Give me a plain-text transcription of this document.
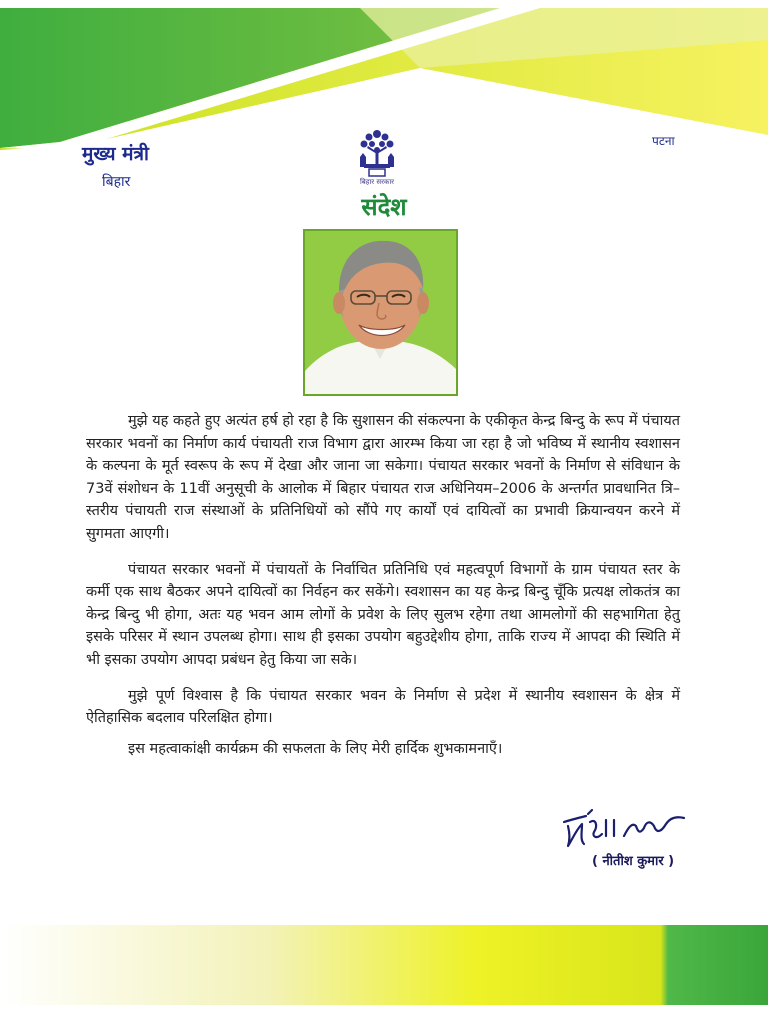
मुख्य मंत्री

बिहार

पटना
बिहार सरकार
संदेश

मुझे यह कहते हुए अत्यंत हर्ष हो रहा है कि सुशासन की संकल्पना के एकीकृत केन्द्र बिन्दु के रूप में पंचायत सरकार भवनों का निर्माण कार्य पंचायती राज विभाग द्वारा आरम्भ किया जा रहा है जो भविष्य में स्थानीय स्वशासन के कल्पना के मूर्त स्वरूप के रूप में देखा और जाना जा सकेगा। पंचायत सरकार भवनों के निर्माण से संविधान के 73वें संशोधन के 11वीं अनुसूची के आलोक में बिहार पंचायत राज अधिनियम–2006 के अन्तर्गत प्रावधानित त्रि–स्तरीय पंचायती राज संस्थाओं के प्रतिनिधियों को सौंपे गए कार्यों एवं दायित्वों का प्रभावी क्रियान्वयन करने में सुगमता आएगी।

पंचायत सरकार भवनों में पंचायतों के निर्वाचित प्रतिनिधि एवं महत्वपूर्ण विभागों के ग्राम पंचायत स्तर के कर्मी एक साथ बैठकर अपने दायित्वों का निर्वहन कर सकेंगे। स्वशासन का यह केन्द्र बिन्दु चूँकि प्रत्यक्ष लोकतंत्र का केन्द्र बिन्दु भी होगा, अतः यह भवन आम लोगों के प्रवेश के लिए सुलभ रहेगा तथा आमलोगों की सहभागिता हेतु इसके परिसर में स्थान उपलब्ध होगा। साथ ही इसका उपयोग बहुउद्देशीय होगा, ताकि राज्य में आपदा की स्थिति में भी इसका उपयोग आपदा प्रबंधन हेतु किया जा सके।

मुझे पूर्ण विश्वास है कि पंचायत सरकार भवन के निर्माण से प्रदेश में स्थानीय स्वशासन के क्षेत्र में ऐतिहासिक बदलाव परिलक्षित होगा।

इस महत्वाकांक्षी कार्यक्रम की सफलता के लिए मेरी हार्दिक शुभकामनाएँ।

( नीतीश कुमार )
